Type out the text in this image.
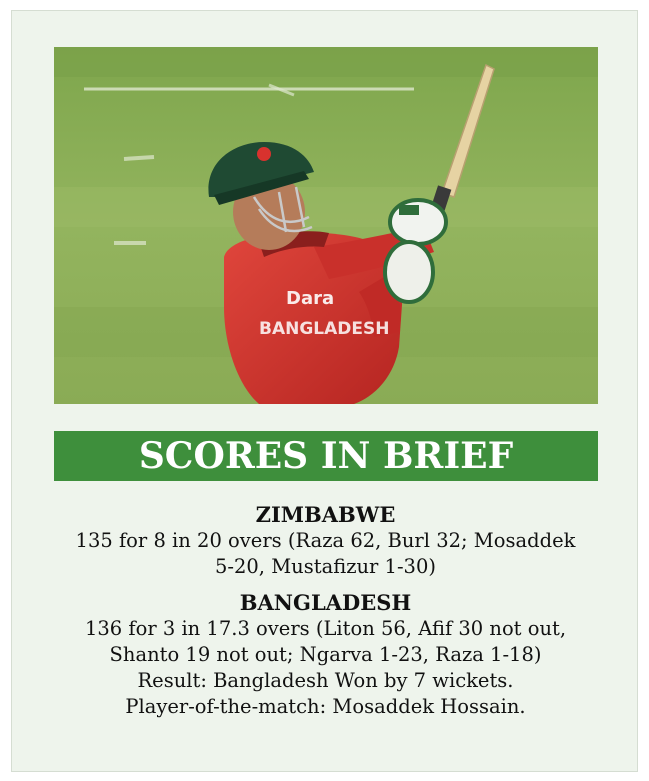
Dara
BANGLADESH
SCORES IN BRIEF

ZIMBABWE

135 for 8 in 20 overs (Raza 62, Burl 32; Mosaddek

5-20, Mustafizur 1-30)

BANGLADESH

136 for 3 in 17.3 overs (Liton 56, Afif 30 not out,

Shanto 19 not out; Ngarva 1-23, Raza 1-18)

Result: Bangladesh Won by 7 wickets.

Player-of-the-match: Mosaddek Hossain.
